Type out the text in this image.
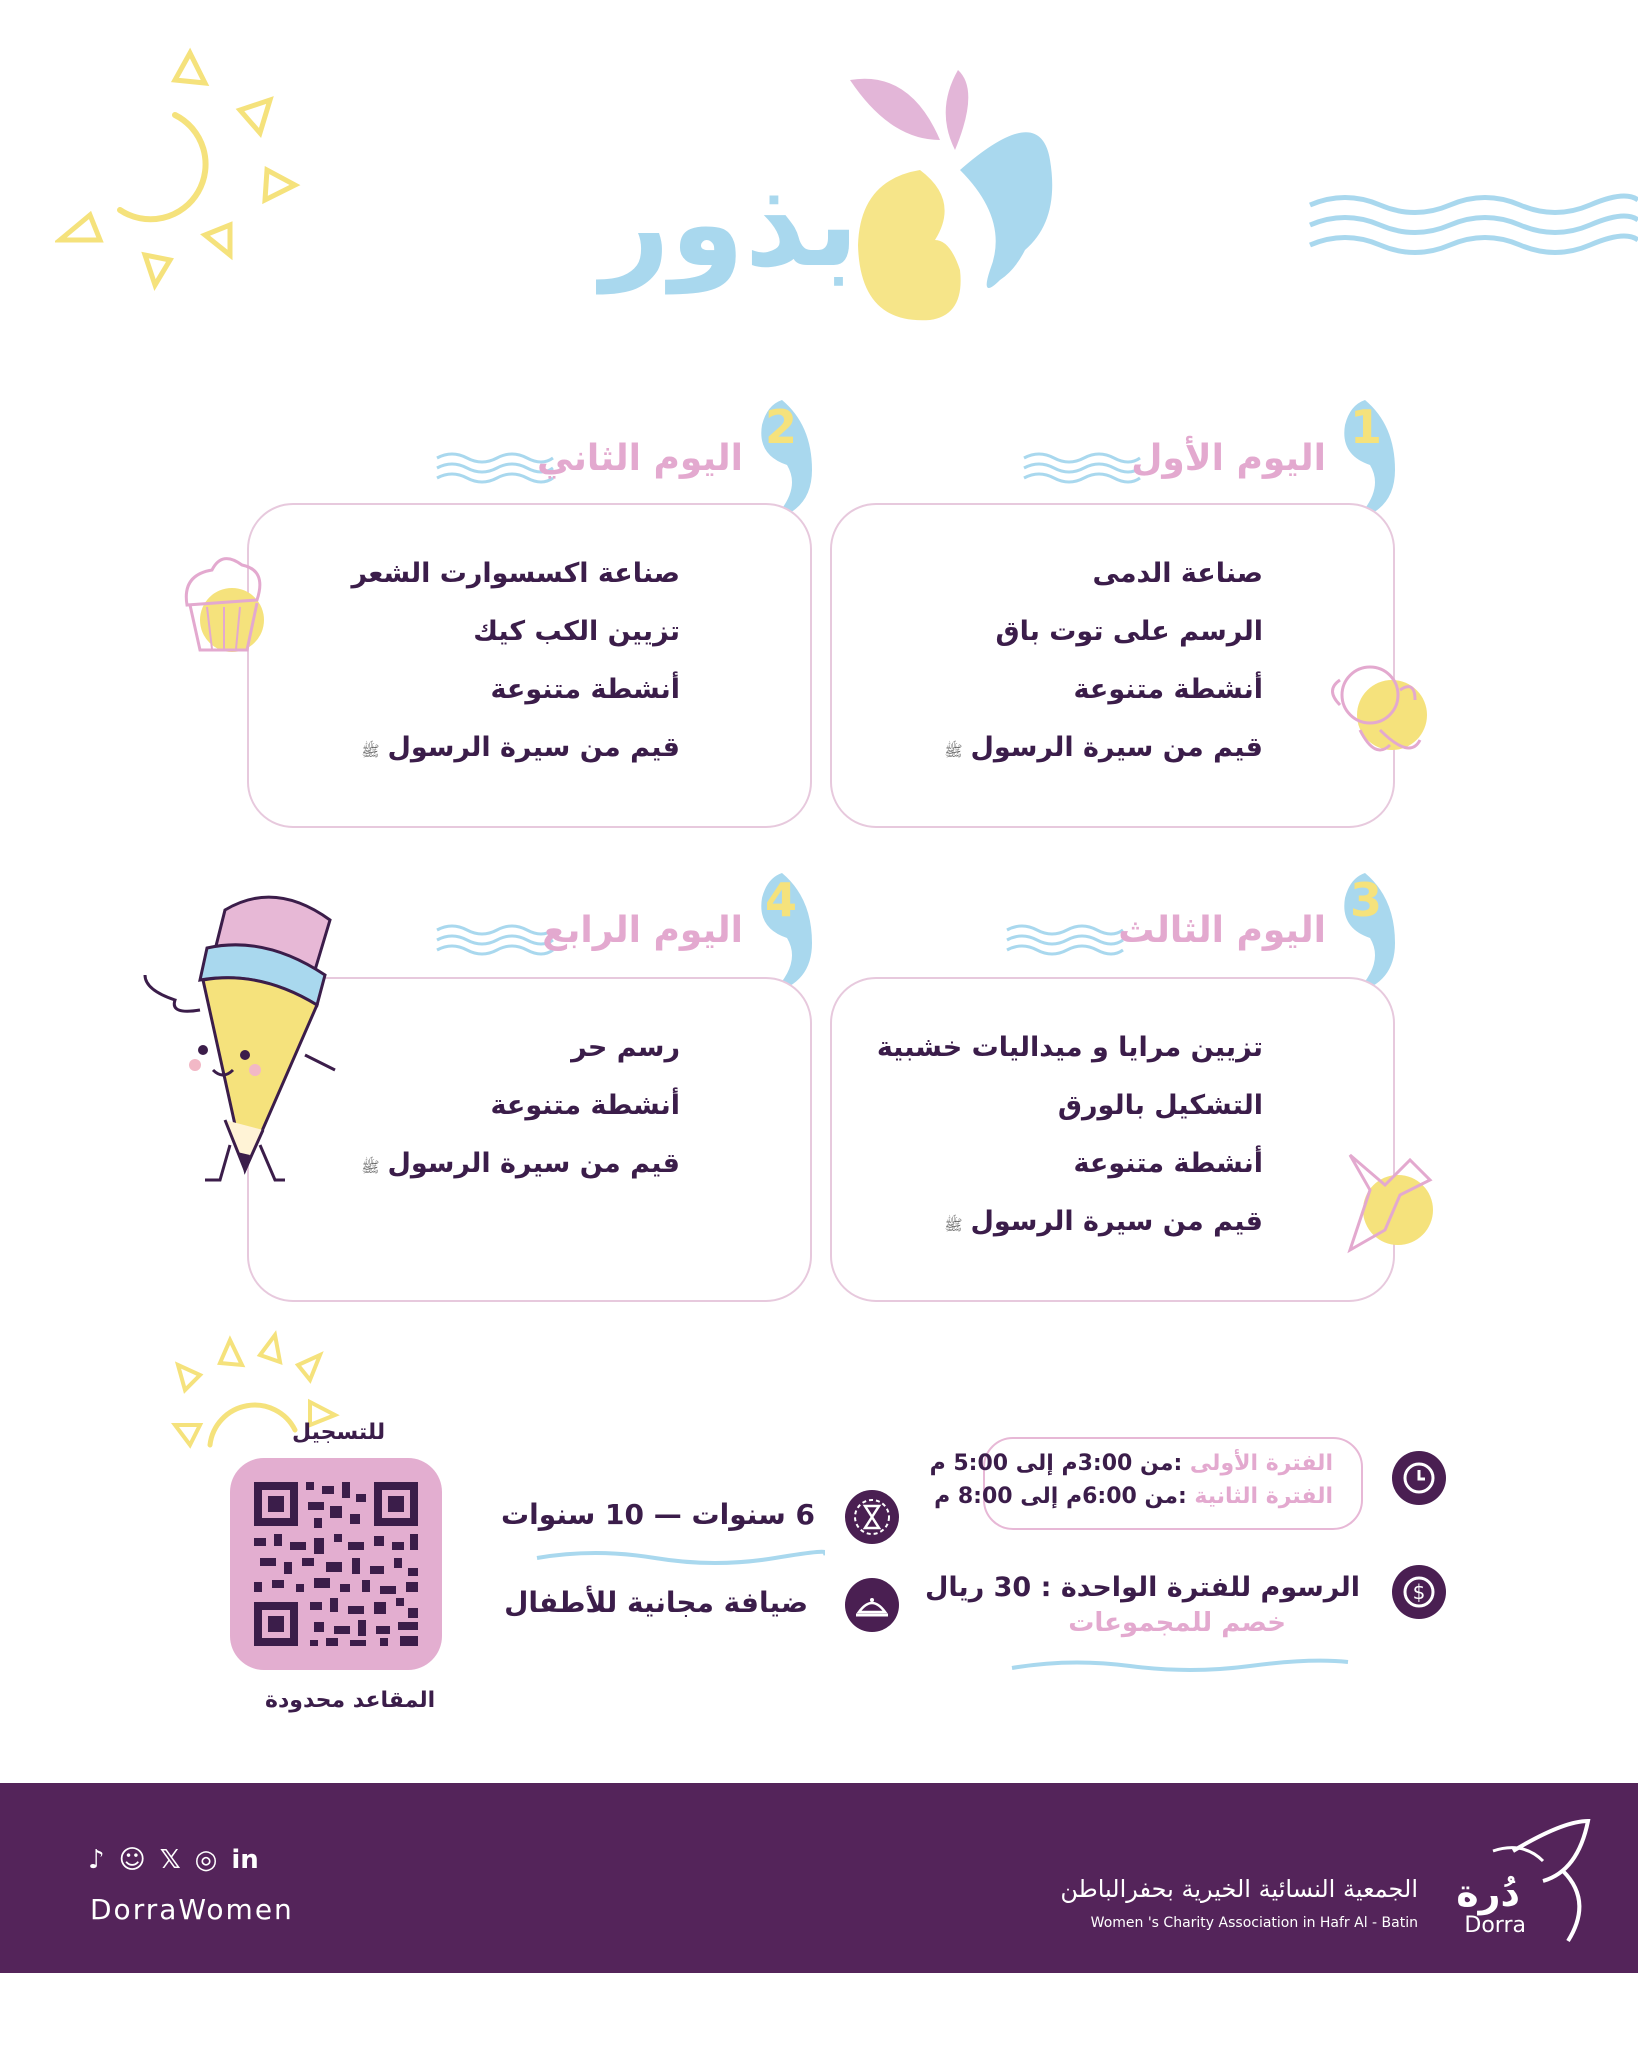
بذور
1
اليوم الأول
صناعة الدمى
الرسم على توت باق
أنشطة متنوعة
قيم من سيرة الرسولﷺ
2
اليوم الثاني
صناعة اكسسوارت الشعر
تزيين الكب كيك
أنشطة متنوعة
قيم من سيرة الرسولﷺ
3
اليوم الثالث
تزيين مرايا و ميداليات خشبية
التشكيل بالورق
أنشطة متنوعة
قيم من سيرة الرسولﷺ
4
اليوم الرابع
رسم حر
أنشطة متنوعة
قيم من سيرة الرسولﷺ
الفترة الأولى :من 3:00م إلى 5:00 م
الفترة الثانية :من 6:00م إلى 8:00 م
$
الرسوم للفترة الواحدة : 30 ريال
خصم للمجموعات
6 سنوات — 10 سنوات
ضيافة مجانية للأطفال
للتسجيل
المقاعد محدودة
♪ ☺ 𝕏 ◎ in
DorraWomen
الجمعية النسائية الخيرية بحفرالباطن
Women 's Charity Association in Hafr Al - Batin
دُرة
Dorra
